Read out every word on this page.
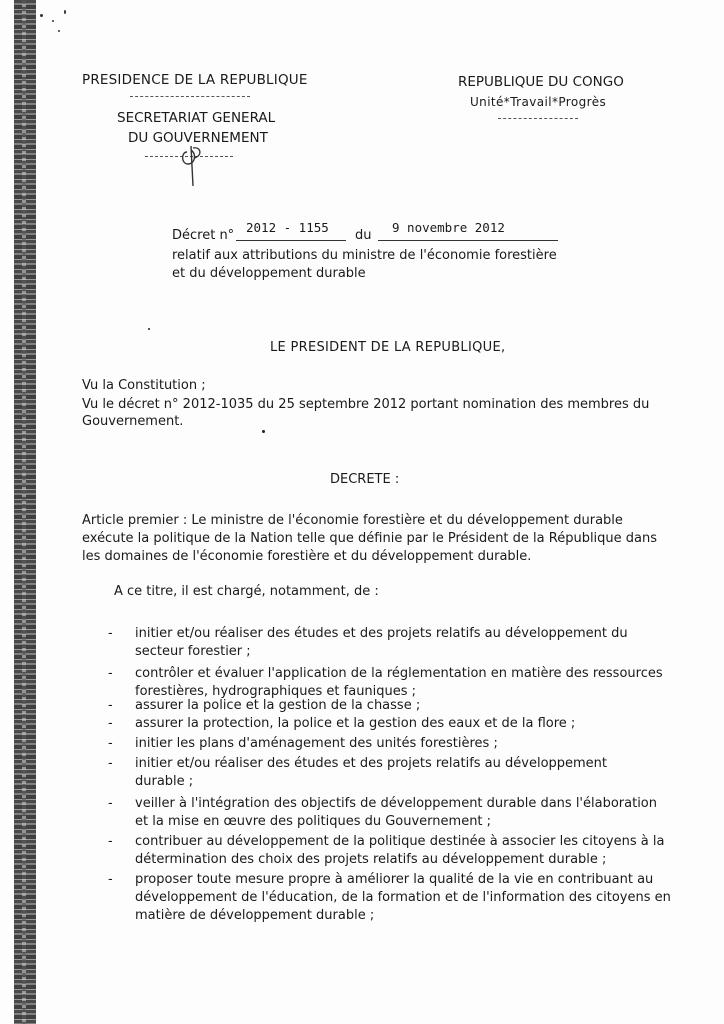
PRESIDENCE DE LA REPUBLIQUE
SECRETARIAT GENERAL
DU GOUVERNEMENT
REPUBLIQUE DU CONGO
Unité*Travail*Progrès
Décret n°
2012 - 1155
du
9 novembre 2012
relatif aux attributions du ministre de l'économie forestière
et du développement durable
LE PRESIDENT DE LA REPUBLIQUE,
Vu la Constitution ;
Vu le décret n° 2012-1035 du 25 septembre 2012 portant nomination des membres du
Gouvernement.
DECRETE :
Article premier : Le ministre de l'économie forestière et du développement durable
exécute la politique de la Nation telle que définie par le Président de la République dans
les domaines de l'économie forestière et du développement durable.
A ce titre, il est chargé, notamment, de :
- initier et/ou réaliser des études et des projets relatifs au développement du
secteur forestier ;
- contrôler et évaluer l'application de la réglementation en matière des ressources
forestières, hydrographiques et fauniques ;
- assurer la police et la gestion de la chasse ;
- assurer la protection, la police et la gestion des eaux et de la flore ;
- initier les plans d'aménagement des unités forestières ;
- initier et/ou réaliser des études et des projets relatifs au développement
durable ;
- veiller à l'intégration des objectifs de développement durable dans l'élaboration
et la mise en œuvre des politiques du Gouvernement ;
- contribuer au développement de la politique destinée à associer les citoyens à la
détermination des choix des projets relatifs au développement durable ;
- proposer toute mesure propre à améliorer la qualité de la vie en contribuant au
développement de l'éducation, de la formation et de l'information des citoyens en
matière de développement durable ;
